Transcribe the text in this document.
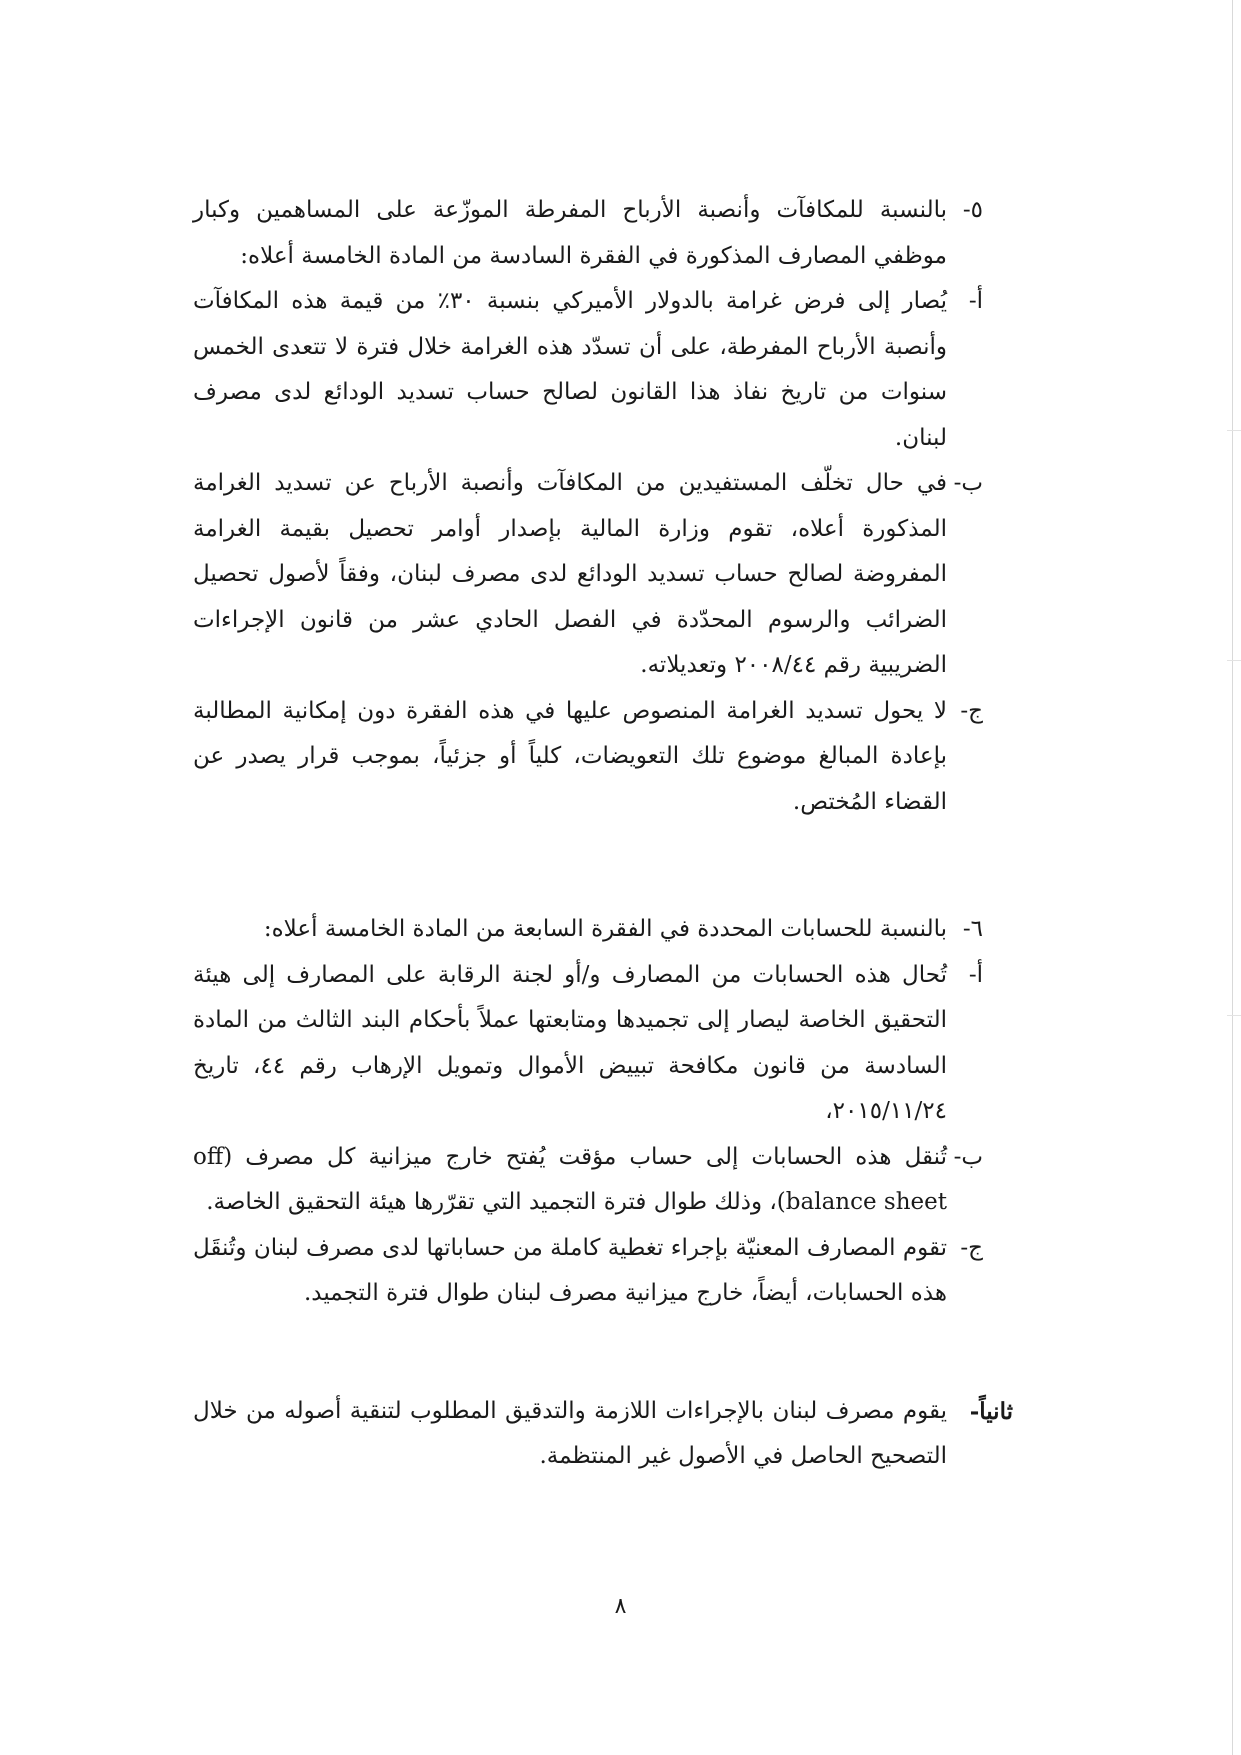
٥-

بالنسبة للمكافآت وأنصبة الأرباح المفرطة الموزّعة على المساهمين وكبار موظفي المصارف المذكورة في الفقرة السادسة من المادة الخامسة أعلاه:

أ-

يُصار إلى فرض غرامة بالدولار الأميركي بنسبة ٣٠٪ من قيمة هذه المكافآت وأنصبة الأرباح المفرطة، على أن تسدّد هذه الغرامة خلال فترة لا تتعدى الخمس سنوات من تاريخ نفاذ هذا القانون لصالح حساب تسديد الودائع لدى مصرف لبنان.

ب-

في حال تخلّف المستفيدين من المكافآت وأنصبة الأرباح عن تسديد الغرامة المذكورة أعلاه، تقوم وزارة المالية بإصدار أوامر تحصيل بقيمة الغرامة المفروضة لصالح حساب تسديد الودائع لدى مصرف لبنان، وفقاً لأصول تحصيل الضرائب والرسوم المحدّدة في الفصل الحادي عشر من قانون الإجراءات الضريبية رقم ٢٠٠٨/٤٤ وتعديلاته.

ج-

لا يحول تسديد الغرامة المنصوص عليها في هذه الفقرة دون إمكانية المطالبة بإعادة المبالغ موضوع تلك التعويضات، كلياً أو جزئياً، بموجب قرار يصدر عن القضاء المُختص.

٦-

بالنسبة للحسابات المحددة في الفقرة السابعة من المادة الخامسة أعلاه:

أ-

تُحال هذه الحسابات من المصارف و/أو لجنة الرقابة على المصارف إلى هيئة التحقيق الخاصة ليصار إلى تجميدها ومتابعتها عملاً بأحكام البند الثالث من المادة السادسة من قانون مكافحة تبييض الأموال وتمويل الإرهاب رقم ٤٤، تاريخ ٢٠١٥/١١/٢٤،

ب-

تُنقل هذه الحسابات إلى حساب مؤقت يُفتح خارج ميزانية كل مصرف (off balance sheet)، وذلك طوال فترة التجميد التي تقرّرها هيئة التحقيق الخاصة.

ج-

تقوم المصارف المعنيّة بإجراء تغطية كاملة من حساباتها لدى مصرف لبنان وتُنقَل هذه الحسابات، أيضاً، خارج ميزانية مصرف لبنان طوال فترة التجميد.

ثانياً-

يقوم مصرف لبنان بالإجراءات اللازمة والتدقيق المطلوب لتنقية أصوله من خلال التصحيح الحاصل في الأصول غير المنتظمة.

٨
